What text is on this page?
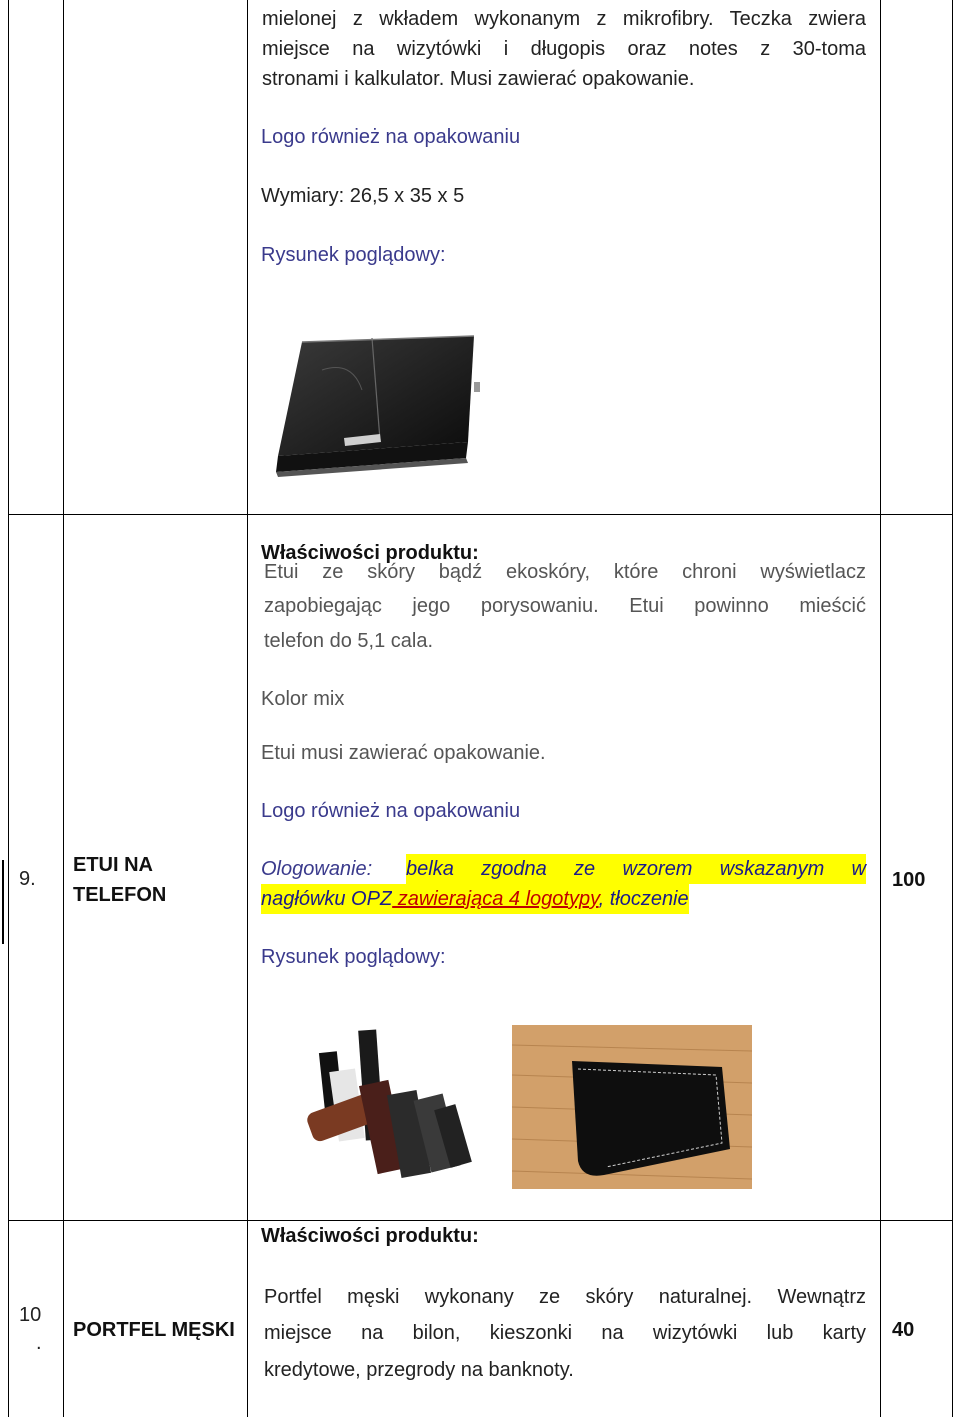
mielonej z wkładem wykonanym z mikrofibry. Teczka zwiera
miejsce na wizytówki i długopis oraz notes z 30-toma
stronami i kalkulator. Musi zawierać opakowanie.
Logo również na opakowaniu
Wymiary: 26,5 x 35 x 5
Rysunek poglądowy:
9.
ETUI NA
TELEFON
100
Właściwości produktu:
Etui ze skóry bądź ekoskóry, które chroni wyświetlacz
zapobiegając jego porysowaniu. Etui powinno mieścić
telefon do 5,1 cala.
Kolor mix
Etui musi zawierać opakowanie.
Logo również na opakowaniu
Ologowanie: belka zgodna ze wzorem wskazanym w
nagłówku OPZ zawierająca 4 logotypy, tłoczenie
Rysunek poglądowy:
10
.
PORTFEL MĘSKI	40
Właściwości produktu:
Portfel męski wykonany ze skóry naturalnej. Wewnątrz
miejsce na bilon, kieszonki na wizytówki lub karty
kredytowe, przegrody na banknoty.
